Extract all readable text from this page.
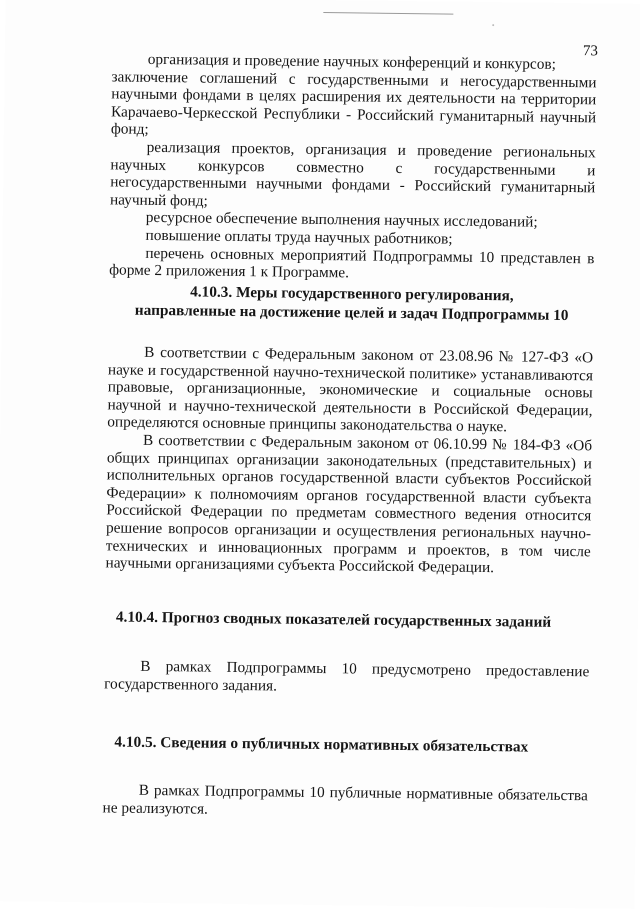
73

организация и проведение научных конференций и конкурсов;

заключение соглашений с государственными и негосударственными научными фондами в целях расширения их деятельности на территории Карачаево-Черкесской Республики - Российский гуманитарный научный фонд;

реализация проектов, организация и проведение региональных научных конкурсов совместно с государственными и негосударственными научными фондами - Российский гуманитарный научный фонд;

ресурсное обеспечение выполнения научных исследований;

повышение оплаты труда научных работников;

перечень основных мероприятий Подпрограммы 10 представлен в форме 2 приложения 1 к Программе.

4.10.3. Меры государственного регулирования,
направленные на достижение целей и задач Подпрограммы 10

В соответствии с Федеральным законом от 23.08.96 № 127-ФЗ «О науке и государственной научно-технической политике» устанавливаются правовые, организационные, экономические и социальные основы научной и научно-технической деятельности в Российской Федерации, определяются основные принципы законодательства о науке.

В соответствии с Федеральным законом от 06.10.99 № 184-ФЗ «Об общих принципах организации законодательных (представительных) и исполнительных органов государственной власти субъектов Российской Федерации» к полномочиям органов государственной власти субъекта Российской Федерации по предметам совместного ведения относится решение вопросов организации и осуществления региональных научно-технических и инновационных программ и проектов, в том числе научными организациями субъекта Российской Федерации.

4.10.4. Прогноз сводных показателей государственных заданий

В рамках Подпрограммы 10 предусмотрено предоставление государственного задания.

4.10.5. Сведения о публичных нормативных обязательствах

В рамках Подпрограммы 10 публичные нормативные обязательства не реализуются.
